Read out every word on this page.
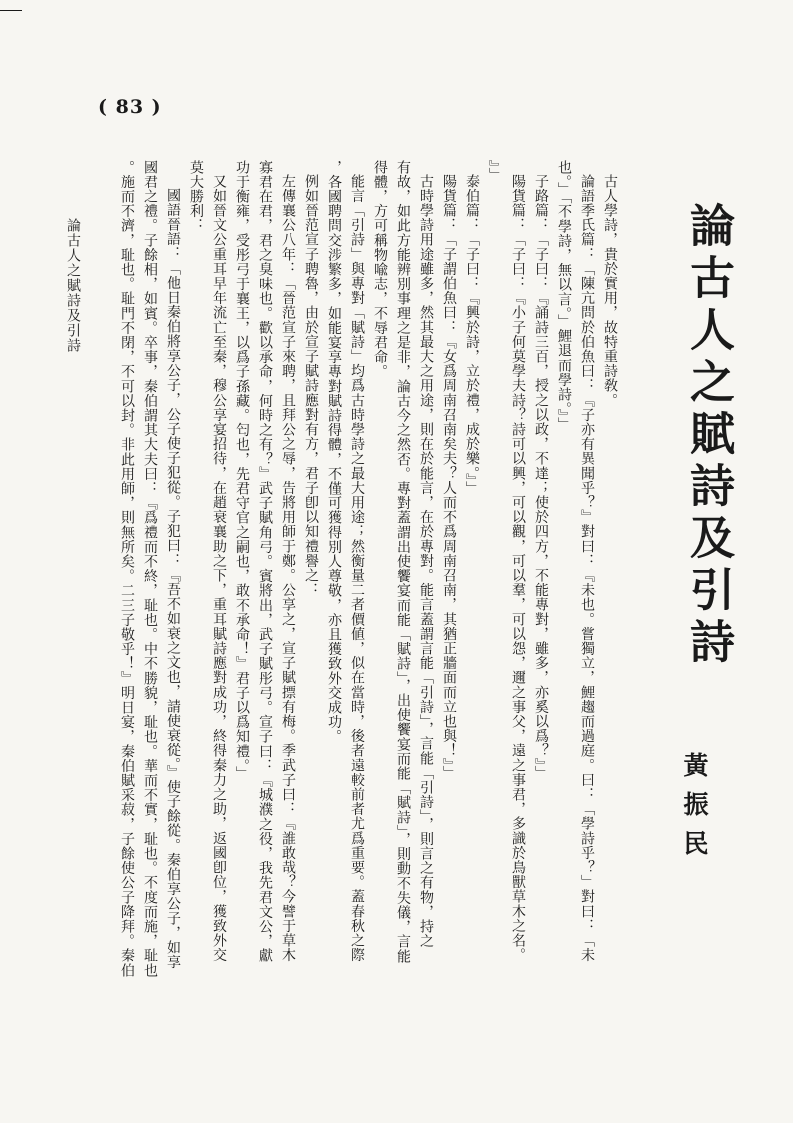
( 83 )
論古人之賦詩及引詩
黃振民

古人學詩，貴於實用，故特重詩敎。

論語季氏篇：「陳亢問於伯魚曰：『子亦有異聞乎？』對曰：『未也。嘗獨立，鯉趨而過庭。曰：「學詩乎？」對曰：「未

也。」「不學詩，無以言。」鯉退而學詩。』」

子路篇：「子曰：『誦詩三百，授之以政，不達；使於四方，不能專對，雖多，亦奚以爲？』」

陽貨篇：「子曰：『小子何莫學夫詩？詩可以興，可以觀，可以羣，可以怨，邇之事父，遠之事君，多識於鳥獸草木之名。

』」

泰伯篇：「子曰：『興於詩，立於禮，成於樂。』」

陽貨篇：「子謂伯魚曰：『女爲周南召南矣夫？人而不爲周南召南，其猶正牆面而立也與！』」

古時學詩用途雖多，然其最大之用途，則在於能言，在於專對。能言蓋謂言能「引詩」，言能「引詩」，則言之有物，持之

有故，如此方能辨別事理之是非，論古今之然否。專對蓋謂出使饗宴而能「賦詩」，出使饗宴而能「賦詩」，則動不失儀，言能

得體，方可稱物喩志，不辱君命。

能言「引詩」與專對「賦詩」均爲古時學詩之最大用途；然衡量二者價値，似在當時，後者遠較前者尤爲重要。蓋春秋之際

，各國聘問交涉繁多，如能宴享專對賦詩得體，不僅可獲得別人尊敬，亦且獲致外交成功。

例如晉范宣子聘魯，由於宣子賦詩應對有方，君子卽以知禮譽之：

左傳襄公八年：「晉范宣子來聘，且拜公之辱，告將用師于鄭。公享之，宣子賦摽有梅。季武子曰：『誰敢哉？今譬于草木

寡君在君，君之臭味也。歡以承命，何時之有？』武子賦角弓。賓將出，武子賦彤弓。宣子曰：『城濮之役，我先君文公，獻

功于衡雍，受彤弓于襄王，以爲子孫藏。匄也，先君守官之嗣也，敢不承命！』君子以爲知禮。」

又如晉文公重耳早年流亡至秦，穆公享宴招待，在趙衰襄助之下，重耳賦詩應對成功，終得秦力之助，返國卽位，獲致外交

莫大勝利：

國語晉語：「他日秦伯將享公子，公子使子犯從。子犯曰：『吾不如衰之文也，請使衰從。』使子餘從。秦伯享公子，如享

國君之禮。子餘相，如賓。卒事，秦伯謂其大夫曰：『爲禮而不終，耻也。中不勝貌，耻也。華而不實，耻也。不度而施，耻也

。施而不濟，耻也。耻門不閉，不可以封。非此用師，則無所矣。二三子敬乎！』明日宴，秦伯賦采菽，子餘使公子降拜。秦伯

論古人之賦詩及引詩
